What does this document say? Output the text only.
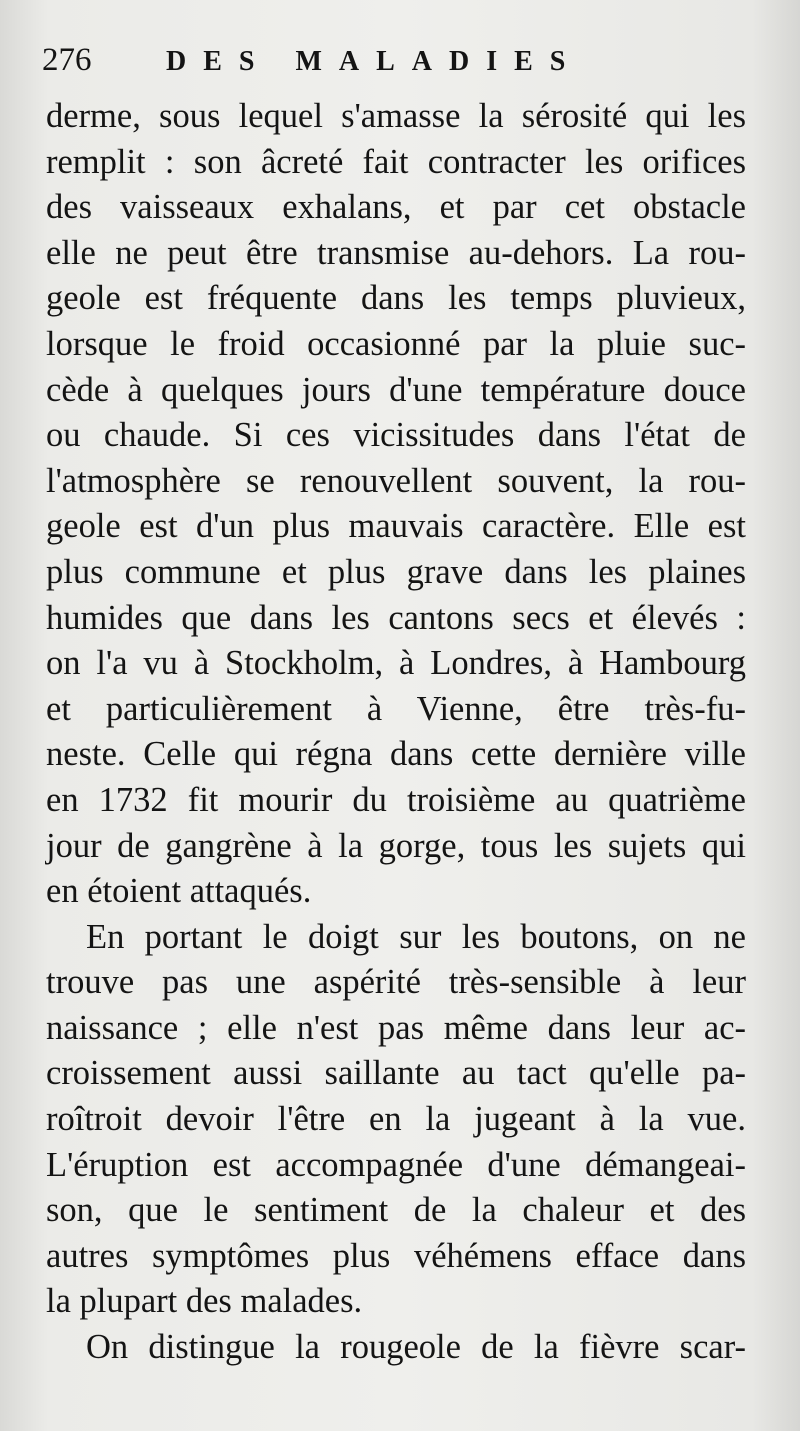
276	DES MALADIES
derme, sous lequel s'amasse la sérosité qui les
remplit : son âcreté fait contracter les orifices
des vaisseaux exhalans, et par cet obstacle
elle ne peut être transmise au-dehors. La rou-
geole est fréquente dans les temps pluvieux,
lorsque le froid occasionné par la pluie suc-
cède à quelques jours d'une température douce
ou chaude. Si ces vicissitudes dans l'état de
l'atmosphère se renouvellent souvent, la rou-
geole est d'un plus mauvais caractère. Elle est
plus commune et plus grave dans les plaines
humides que dans les cantons secs et élevés :
on l'a vu à Stockholm, à Londres, à Hambourg
et particulièrement à Vienne, être très-fu-
neste. Celle qui régna dans cette dernière ville
en 1732 fit mourir du troisième au quatrième
jour de gangrène à la gorge, tous les sujets qui
en étoient attaqués.
En portant le doigt sur les boutons, on ne
trouve pas une aspérité très-sensible à leur
naissance ; elle n'est pas même dans leur ac-
croissement aussi saillante au tact qu'elle pa-
roîtroit devoir l'être en la jugeant à la vue.
L'éruption est accompagnée d'une démangeai-
son, que le sentiment de la chaleur et des
autres symptômes plus véhémens efface dans
la plupart des malades.
On distingue la rougeole de la fièvre scar-
